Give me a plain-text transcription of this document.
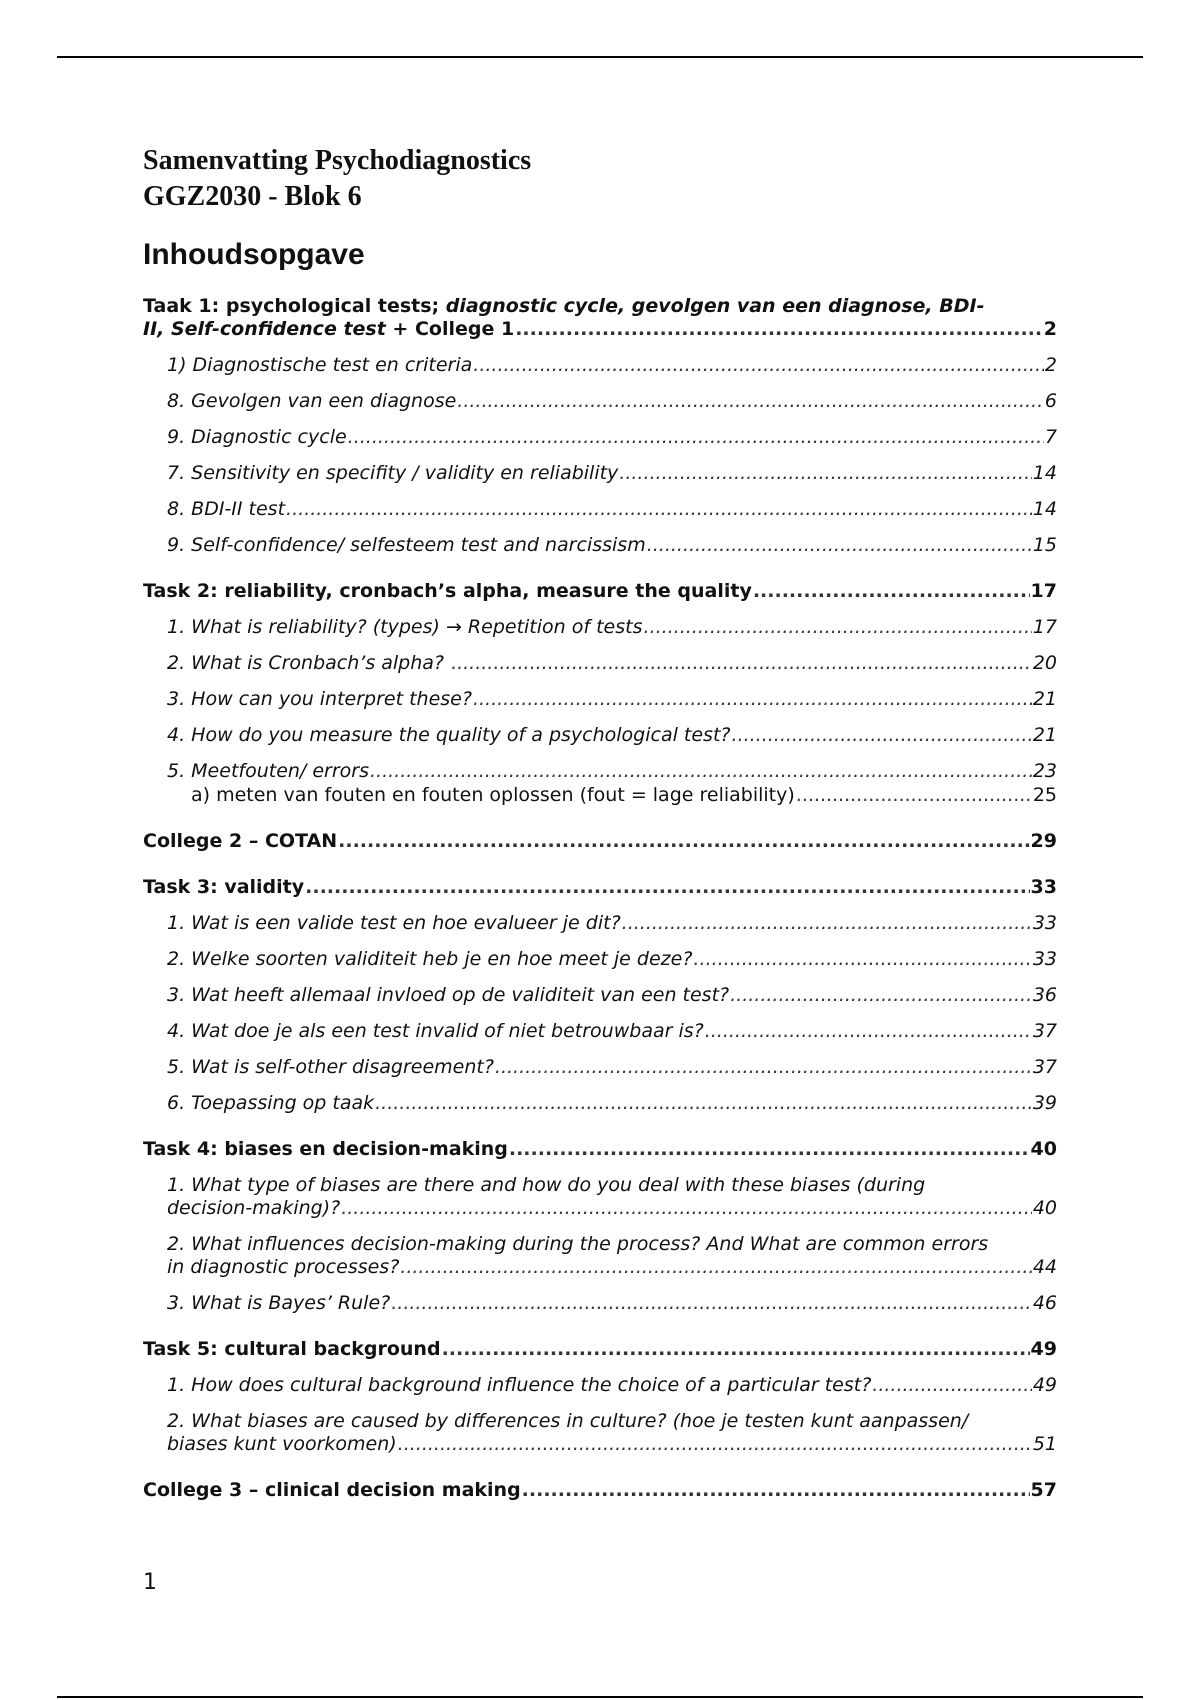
Samenvatting Psychodiagnostics
GGZ2030 - Blok 6
Inhoudsopgave
Taak 1: psychological tests; diagnostic cycle, gevolgen van een diagnose, BDI-
II, Self-confidence test + College 1 .....	2
1) Diagnostische test en criteria .....	2
8. Gevolgen van een diagnose .....	6
9. Diagnostic cycle .....	7
7. Sensitivity en specifity / validity en reliability .....	14
8. BDI-II test .....	14
9. Self-confidence/ selfesteem test and narcissism .....	15
Task 2: reliability, cronbach’s alpha, measure the quality .....	17
1. What is reliability? (types) → Repetition of tests .....	17
2. What is Cronbach’s alpha? .....	20
3. How can you interpret these? .....	21
4. How do you measure the quality of a psychological test? .....	21
5. Meetfouten/ errors .....	23
a) meten van fouten en fouten oplossen (fout = lage reliability) .....	25
College 2 – COTAN .....	29
Task 3: validity .....	33
1. Wat is een valide test en hoe evalueer je dit? .....	33
2. Welke soorten validiteit heb je en hoe meet je deze? .....	33
3. Wat heeft allemaal invloed op de validiteit van een test? .....	36
4. Wat doe je als een test invalid of niet betrouwbaar is? .....	37
5. Wat is self-other disagreement? .....	37
6. Toepassing op taak .....	39
Task 4: biases en decision-making .....	40
1. What type of biases are there and how do you deal with these biases (during
decision-making)? .....	40
2. What influences decision-making during the process? And What are common errors
in diagnostic processes? .....	44
3. What is Bayes’ Rule? .....	46
Task 5: cultural background .....	49
1. How does cultural background influence the choice of a particular test? .....	49
2. What biases are caused by differences in culture? (hoe je testen kunt aanpassen/
biases kunt voorkomen) .....	51
College 3 – clinical decision making .....	57
1
